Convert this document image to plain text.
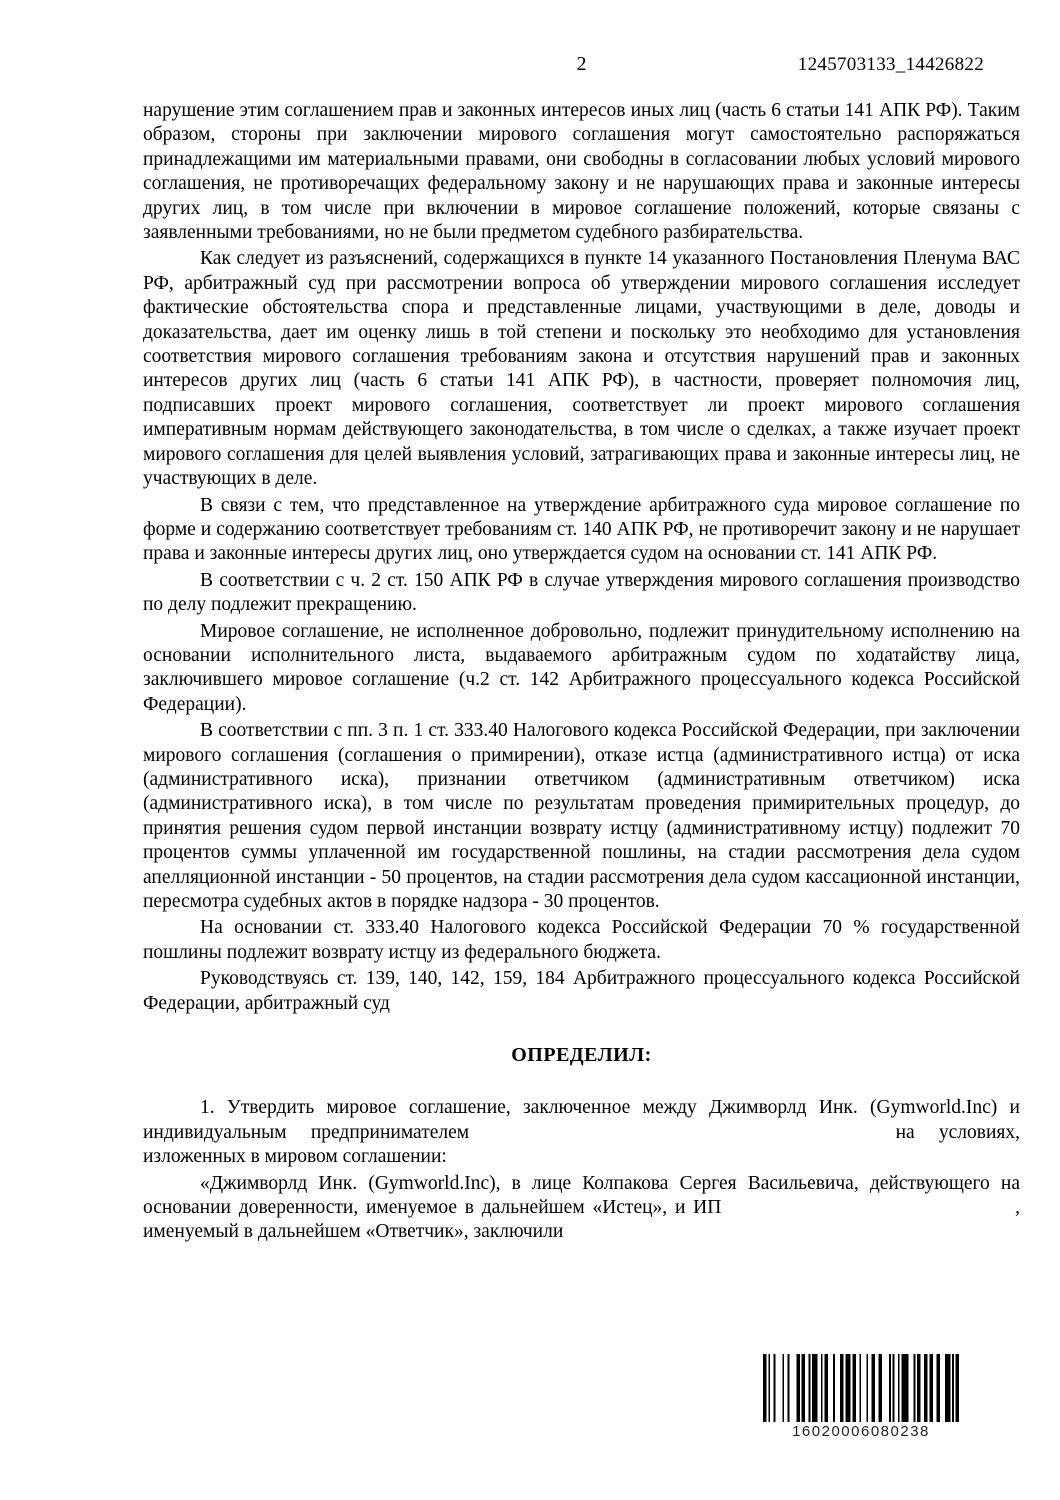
2	1245703133_14426822

нарушение этим соглашением прав и законных интересов иных лиц (часть 6 статьи 141 АПК РФ). Таким образом, стороны при заключении мирового соглашения могут самостоятельно распоряжаться принадлежащими им материальными правами, они свободны в согласовании любых условий мирового соглашения, не противоречащих федеральному закону и не нарушающих права и законные интересы других лиц, в том числе при включении в мировое соглашение положений, которые связаны с заявленными требованиями, но не были предметом судебного разбирательства.

Как следует из разъяснений, содержащихся в пункте 14 указанного Постановления Пленума ВАС РФ, арбитражный суд при рассмотрении вопроса об утверждении мирового соглашения исследует фактические обстоятельства спора и представленные лицами, участвующими в деле, доводы и доказательства, дает им оценку лишь в той степени и поскольку это необходимо для установления соответствия мирового соглашения требованиям закона и отсутствия нарушений прав и законных интересов других лиц (часть 6 статьи 141 АПК РФ), в частности, проверяет полномочия лиц, подписавших проект мирового соглашения, соответствует ли проект мирового соглашения императивным нормам действующего законодательства, в том числе о сделках, а также изучает проект мирового соглашения для целей выявления условий, затрагивающих права и законные интересы лиц, не участвующих в деле.

В связи с тем, что представленное на утверждение арбитражного суда мировое соглашение по форме и содержанию соответствует требованиям ст. 140 АПК РФ, не противоречит закону и не нарушает права и законные интересы других лиц, оно утверждается судом на основании ст. 141 АПК РФ.

В соответствии с ч. 2 ст. 150 АПК РФ в случае утверждения мирового соглашения производство по делу подлежит прекращению.

Мировое соглашение, не исполненное добровольно, подлежит принудительному исполнению на основании исполнительного листа, выдаваемого арбитражным судом по ходатайству лица, заключившего мировое соглашение (ч.2 ст. 142 Арбитражного процессуального кодекса Российской Федерации).

В соответствии с пп. 3 п. 1 ст. 333.40 Налогового кодекса Российской Федерации, при заключении мирового соглашения (соглашения о примирении), отказе истца (административного истца) от иска (административного иска), признании ответчиком (административным ответчиком) иска (административного иска), в том числе по результатам проведения примирительных процедур, до принятия решения судом первой инстанции возврату истцу (административному истцу) подлежит 70 процентов суммы уплаченной им государственной пошлины, на стадии рассмотрения дела судом апелляционной инстанции - 50 процентов, на стадии рассмотрения дела судом кассационной инстанции, пересмотра судебных актов в порядке надзора - 30 процентов.

На основании ст. 333.40 Налогового кодекса Российской Федерации 70 % государственной пошлины подлежит возврату истцу из федерального бюджета.

Руководствуясь ст. 139, 140, 142, 159, 184 Арбитражного процессуального кодекса Российской Федерации, арбитражный суд

ОПРЕДЕЛИЛ:

1. Утвердить мировое соглашение, заключенное между Джимворлд Инк. (Gymworld.Inc) и индивидуальным предпринимателем	на условиях, изложенных в мировом соглашении:

«Джимворлд Инк. (Gymworld.Inc), в лице Колпакова Сергея Васильевича, действующего на основании доверенности, именуемое в дальнейшем «Истец», и ИП	, именуемый в дальнейшем «Ответчик», заключили

16020006080238
